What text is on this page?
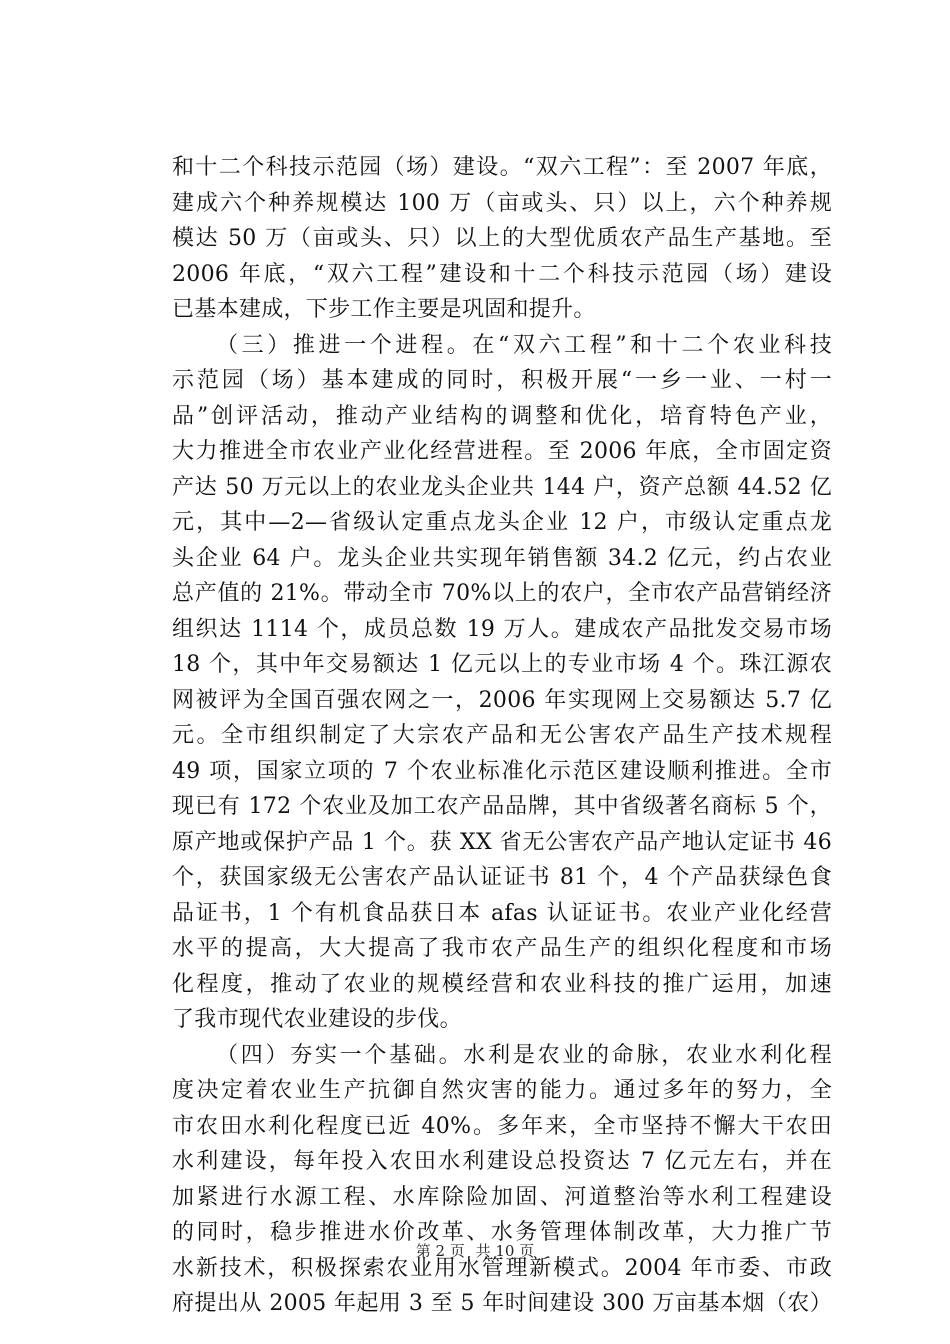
和十二个科技示范园（场）建设。“双六工程”：至 2007 年底，
建成六个种养规模达 100 万（亩或头、只）以上，六个种养规
模达 50 万（亩或头、只）以上的大型优质农产品生产基地。至
2006 年底，“双六工程”建设和十二个科技示范园（场）建设
已基本建成，下步工作主要是巩固和提升。
（三）推进一个进程。在“双六工程”和十二个农业科技
示范园（场）基本建成的同时，积极开展“一乡一业、一村一
品”创评活动，推动产业结构的调整和优化，培育特色产业，
大力推进全市农业产业化经营进程。至 2006 年底，全市固定资
产达 50 万元以上的农业龙头企业共 144 户，资产总额 44.52 亿
元，其中—2—省级认定重点龙头企业 12 户，市级认定重点龙
头企业 64 户。龙头企业共实现年销售额 34.2 亿元，约占农业
总产值的 21%。带动全市 70%以上的农户，全市农产品营销经济
组织达 1114 个，成员总数 19 万人。建成农产品批发交易市场
18 个，其中年交易额达 1 亿元以上的专业市场 4 个。珠江源农
网被评为全国百强农网之一，2006 年实现网上交易额达 5.7 亿
元。全市组织制定了大宗农产品和无公害农产品生产技术规程
49 项，国家立项的 7 个农业标准化示范区建设顺利推进。全市
现已有 172 个农业及加工农产品品牌，其中省级著名商标 5 个，
原产地或保护产品 1 个。获 XX 省无公害农产品产地认定证书 46
个，获国家级无公害农产品认证证书 81 个，4 个产品获绿色食
品证书，1 个有机食品获日本 afas 认证证书。农业产业化经营
水平的提高，大大提高了我市农产品生产的组织化程度和市场
化程度，推动了农业的规模经营和农业科技的推广运用，加速
了我市现代农业建设的步伐。
（四）夯实一个基础。水利是农业的命脉，农业水利化程
度决定着农业生产抗御自然灾害的能力。通过多年的努力，全
市农田水利化程度已近 40%。多年来，全市坚持不懈大干农田
水利建设，每年投入农田水利建设总投资达 7 亿元左右，并在
加紧进行水源工程、水库除险加固、河道整治等水利工程建设
的同时，稳步推进水价改革、水务管理体制改革，大力推广节
水新技术，积极探索农业用水管理新模式。2004 年市委、市政
府提出从 2005 年起用 3 至 5 年时间建设 300 万亩基本烟（农）
第 2 页 共 10 页
